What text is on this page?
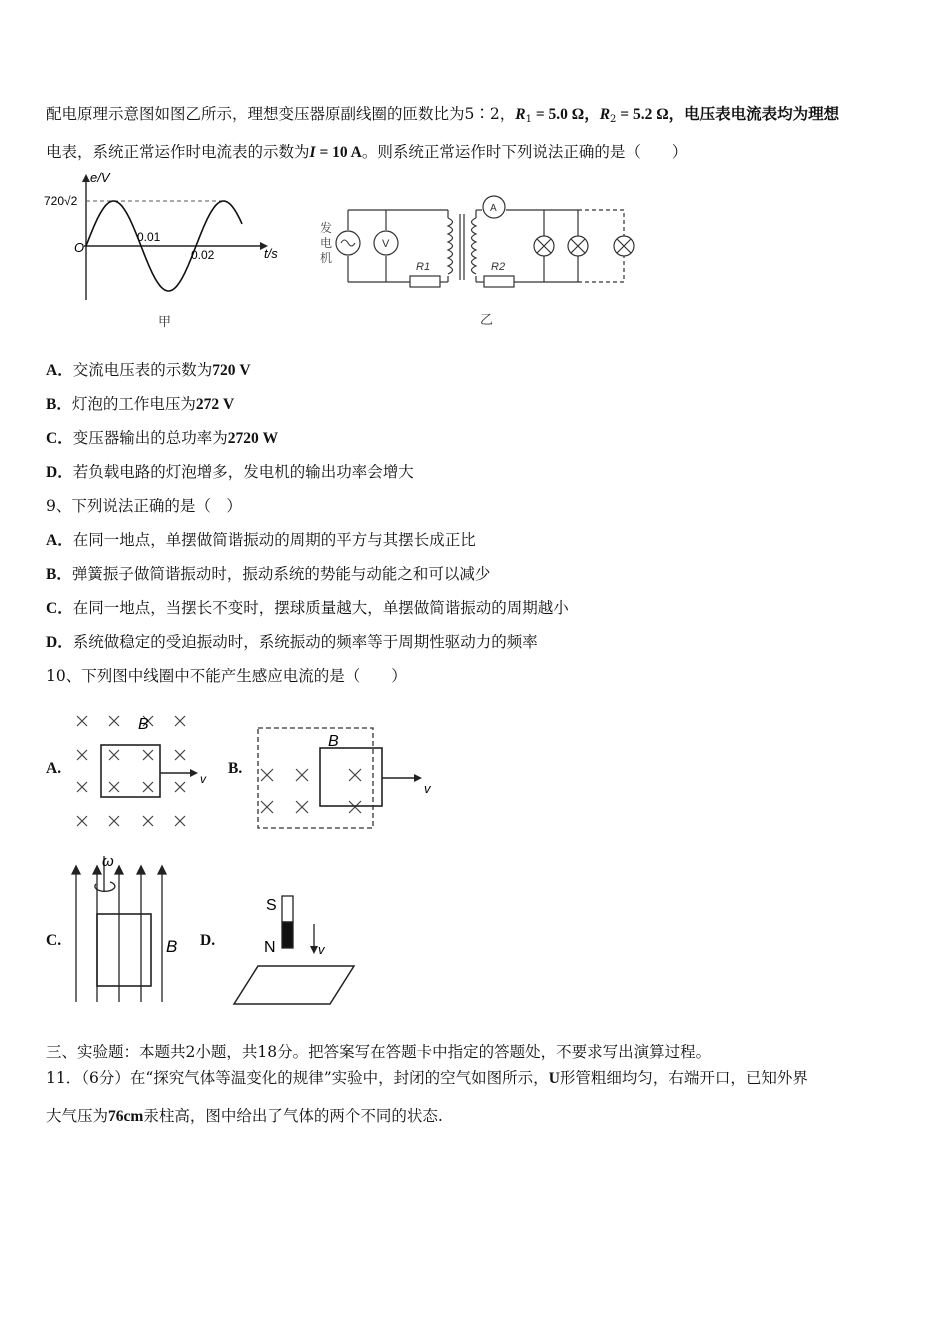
配电原理示意图如图乙所示，理想变压器原副线圈的匝数比为5∶2，$R_1 = 5.0$ Ω，$R_2 = 5.2$ Ω，电压表电流表均为理想
电表，系统正常运作时电流表的示数为I = 10 A。则系统正常运作时下列说法正确的是（　　）
e/V
t/s
O
720√2
0.01
0.02
甲
V
A
R1	R2
发
电
机
乙
A．交流电压表的示数为720 V
B．灯泡的工作电压为272 V
C．变压器输出的总功率为2720 W
D．若负载电路的灯泡增多，发电机的输出功率会增大
9、下列说法正确的是（　）
A．在同一地点，单摆做简谐振动的周期的平方与其摆长成正比
B．弹簧振子做简谐振动时，振动系统的势能与动能之和可以减少
C．在同一地点，当摆长不变时，摆球质量越大，单摆做简谐振动的周期越小
D．系统做稳定的受迫振动时，系统振动的频率等于周期性驱动力的频率
10、下列图中线圈中不能产生感应电流的是（　　）
A.
v
B
B.
v
B
C.
ω
B D.
S
N	v
三、实验题：本题共2小题，共18分。把答案写在答题卡中指定的答题处，不要求写出演算过程。
11．（6分）在“探究气体等温变化的规律”实验中，封闭的空气如图所示，U形管粗细均匀，右端开口，已知外界
大气压为76cm汞柱高，图中给出了气体的两个不同的状态.
